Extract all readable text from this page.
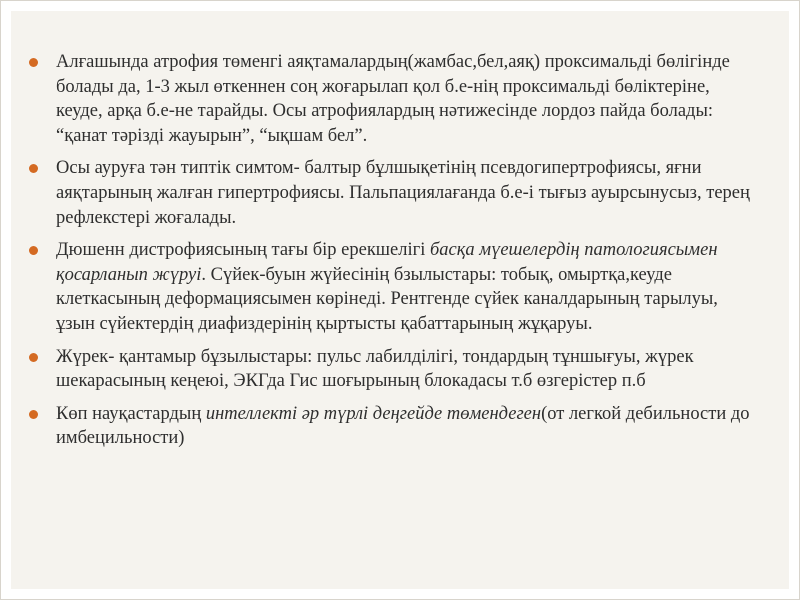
Алғашында атрофия төменгі аяқтамалардың(жамбас,бел,аяқ) проксимальді бөлігінде болады да, 1-3 жыл өткеннен соң жоғарылап қол б.е-нің проксимальді бөліктеріне, кеуде, арқа б.е-не тарайды. Осы атрофиялардың нәтижесінде лордоз пайда болады: “қанат тәрізді жауырын”, “ықшам бел”.
Осы ауруға тән типтік симтом- балтыр бұлшықетінің псевдогипертрофиясы, яғни аяқтарының жалған гипертрофиясы. Пальпациялағанда б.е-і тығыз ауырсынусыз, терең рефлекстері жоғалады.
Дюшенн дистрофиясының тағы бір ерекшелігі басқа мүешелердің патологиясымен қосарланып жүруі. Сүйек-буын жүйесінің бзылыстары: тобық, омыртқа,кеуде клеткасының деформациясымен көрінеді. Рентгенде сүйек каналдарының тарылуы, ұзын сүйектердің диафиздерінің қыртысты қабаттарының жұқаруы.
Жүрек- қантамыр бұзылыстары: пульс лабилділігі, тондардың тұншығуы, жүрек шекарасының кеңеюі, ЭКГда Гис шоғырының блокадасы т.б өзгерістер п.б
Көп науқастардың интеллекті әр түрлі деңгейде төмендеген(от легкой дебильности до имбецильности)
